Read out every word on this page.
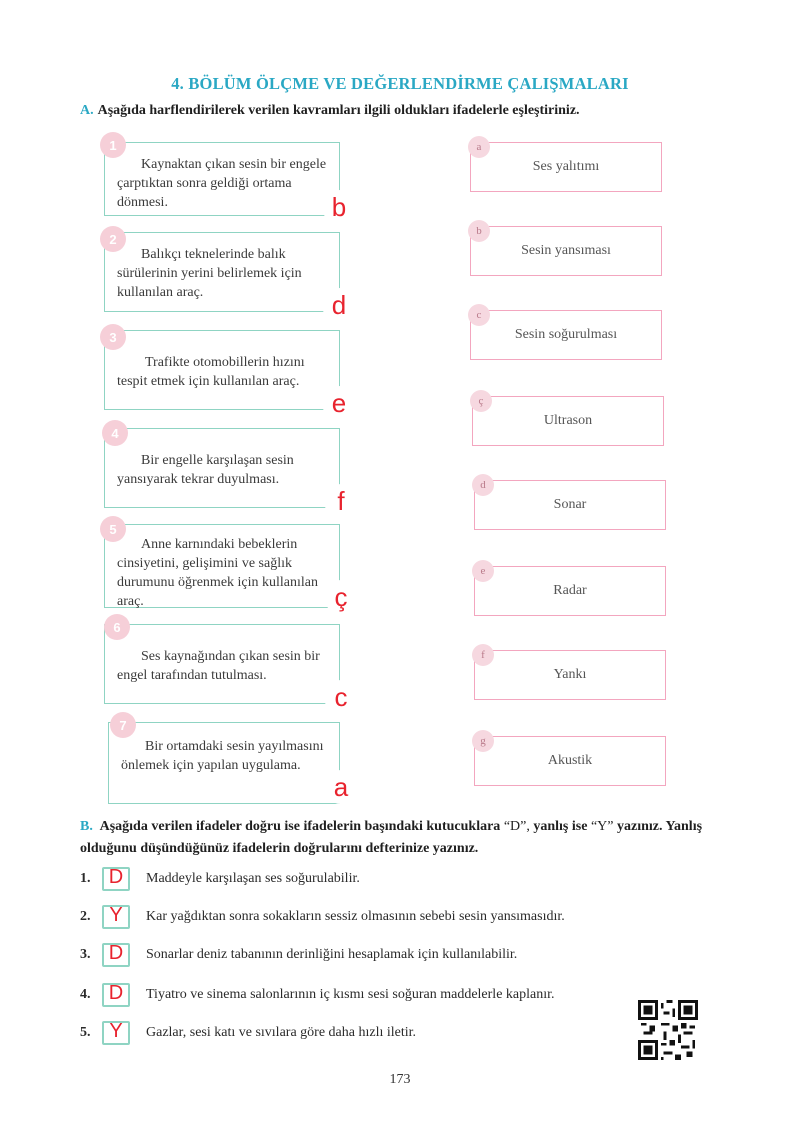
4. BÖLÜM ÖLÇME VE DEĞERLENDİRME ÇALIŞMALARI
A. Aşağıda harflendirilerek verilen kavramları ilgili oldukları ifadelerle eşleştiriniz.
Kaynaktan çıkan sesin bir engele çarptıktan sonra geldiği ortama dönmesi.
1
b
Balıkçı teknelerinde balık sürülerinin yerini belirlemek için kullanılan araç.
2
d
Trafikte otomobillerin hızını tespit etmek için kullanılan araç.
3
e
Bir engelle karşılaşan sesin yansıyarak tekrar duyulması.
4
f
Anne karnındaki bebeklerin cinsiyetini, gelişimini ve sağlık durumunu öğrenmek için kullanılan araç.
5
ç
Ses kaynağından çıkan sesin bir engel tarafından tutulması.
6
c
Bir ortamdaki sesin yayılmasını önlemek için yapılan uygulama.
7
a
Ses yalıtımı
a
Sesin yansıması
b
Sesin soğurulması
c
Ultrason
ç
Sonar
d
Radar
e
Yankı
f
Akustik
g
B. Aşağıda verilen ifadeler doğru ise ifadelerin başındaki kutucuklara “D”, yanlış ise “Y” yazınız. Yanlış olduğunu düşündüğünüz ifadelerin doğrularını defterinize yazınız.
1. D	Maddeyle karşılaşan ses soğurulabilir.
2. Y	Kar yağdıktan sonra sokakların sessiz olmasının sebebi sesin yansımasıdır.
3. D	Sonarlar deniz tabanının derinliğini hesaplamak için kullanılabilir.
4. D	Tiyatro ve sinema salonlarının iç kısmı sesi soğuran maddelerle kaplanır.
5. Y	Gazlar, sesi katı ve sıvılara göre daha hızlı iletir.
173
